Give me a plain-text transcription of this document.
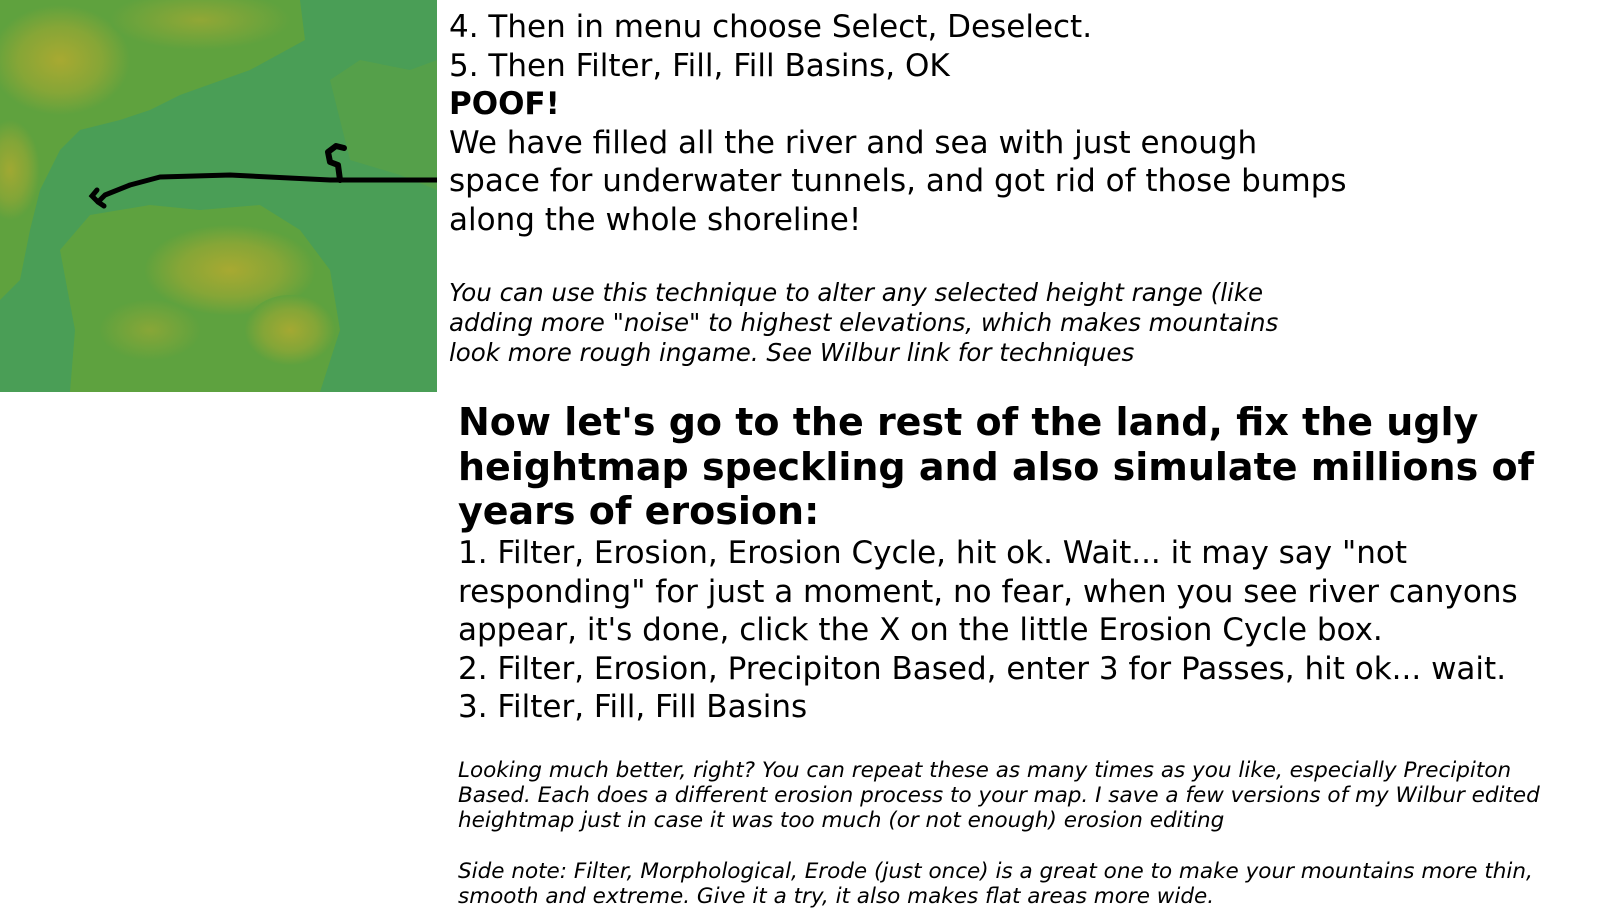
4. Then in menu choose Select, Deselect.
5. Then Filter, Fill, Fill Basins, OK
POOF!
We have filled all the river and sea with just enough
space for underwater tunnels, and got rid of those bumps
along the whole shoreline!
You can use this technique to alter any selected height range (like
adding more "noise" to highest elevations, which makes mountains
look more rough ingame. See Wilbur link for techniques
Now let's go to the rest of the land, fix the ugly
heightmap speckling and also simulate millions of
years of erosion:
1. Filter, Erosion, Erosion Cycle, hit ok. Wait... it may say "not
responding" for just a moment, no fear, when you see river canyons
appear, it's done, click the X on the little Erosion Cycle box.
2. Filter, Erosion, Precipiton Based, enter 3 for Passes, hit ok... wait.
3. Filter, Fill, Fill Basins
Looking much better, right? You can repeat these as many times as you like, especially Precipiton
Based. Each does a different erosion process to your map. I save a few versions of my Wilbur edited
heightmap just in case it was too much (or not enough) erosion editing
Side note: Filter, Morphological, Erode (just once) is a great one to make your mountains more thin,
smooth and extreme. Give it a try, it also makes flat areas more wide.
